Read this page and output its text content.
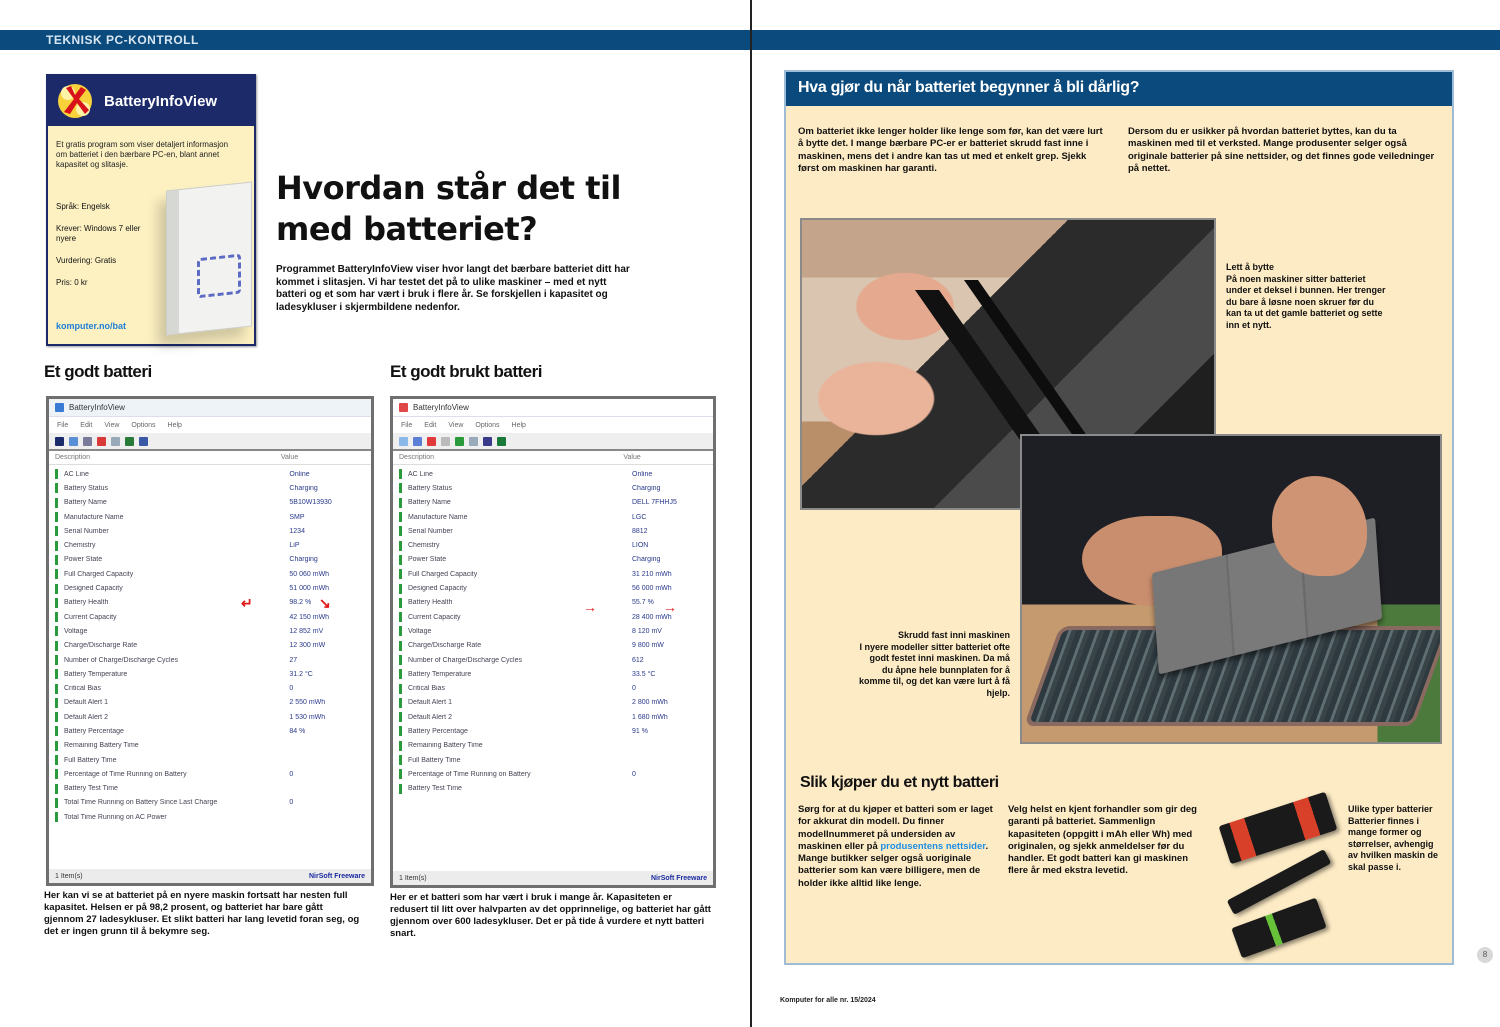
TEKNISK PC-KONTROLL
BatteryInfoView
Et gratis program som viser detaljert informasjon om batteriet i den bærbare PC-en, blant annet kapasitet og slitasje.
Språk: Engelsk
Krever: Windows 7 eller nyere
Vurdering: Gratis
Pris: 0 kr
komputer.no/bat
Hvordan står det til med batteriet?
Programmet BatteryInfoView viser hvor langt det bærbare batteriet ditt har kommet i slitasjen. Vi har testet det på to ulike maskiner – med et nytt batteri og et som har vært i bruk i flere år. Se forskjellen i kapasitet og ladesykluser i skjermbildene nedenfor.
Et godt batteri
BatteryInfoView
File Edit View Options Help
Description	Value
AC Line	Online
Battery Status	Charging
Battery Name	5B10W13930
Manufacture Name	SMP
Serial Number	1234
Chemistry	LiP
Power State	Charging
Full Charged Capacity	50 060 mWh
Designed Capacity	51 000 mWh
Battery Health	98.2 %
Current Capacity	42 150 mWh
Voltage	12 852 mV
Charge/Discharge Rate	12 300 mW
Number of Charge/Discharge Cycles	27
Battery Temperature	31.2 °C
Critical Bias	0
Default Alert 1	2 550 mWh
Default Alert 2	1 530 mWh
Battery Percentage	84 %
Remaining Battery Time
Full Battery Time
Percentage of Time Running on Battery	0
Battery Test Time
Total Time Running on Battery Since Last Charge	0
Total Time Running on AC Power
↵	↘
1 Item(s)	NirSoft Freeware
Her kan vi se at batteriet på en nyere maskin fortsatt har nesten full kapasitet. Helsen er på 98,2 prosent, og batteriet har bare gått gjennom 27 ladesykluser. Et slikt batteri har lang levetid foran seg, og det er ingen grunn til å bekymre seg.
Et godt brukt batteri
BatteryInfoView
File Edit View Options Help
Description	Value
AC Line	Online
Battery Status	Charging
Battery Name	DELL 7FHHJ5
Manufacture Name	LGC
Serial Number	8812
Chemistry	LION
Power State	Charging
Full Charged Capacity	31 210 mWh
Designed Capacity	56 000 mWh
Battery Health	55.7 %
Current Capacity	28 400 mWh
Voltage	8 120 mV
Charge/Discharge Rate	9 800 mW
Number of Charge/Discharge Cycles	612
Battery Temperature	33.5 °C
Critical Bias	0
Default Alert 1	2 800 mWh
Default Alert 2	1 680 mWh
Battery Percentage	91 %
Remaining Battery Time
Full Battery Time
Percentage of Time Running on Battery	0
Battery Test Time
→	→
1 Item(s)	NirSoft Freeware
Her er et batteri som har vært i bruk i mange år. Kapasiteten er redusert til litt over halvparten av det opprinnelige, og batteriet har gått gjennom over 600 ladesykluser. Det er på tide å vurdere et nytt batteri snart.
Hva gjør du når batteriet begynner å bli dårlig?
Om batteriet ikke lenger holder like lenge som før, kan det være lurt å bytte det. I mange bærbare PC-er er batteriet skrudd fast inne i maskinen, mens det i andre kan tas ut med et enkelt grep. Sjekk først om maskinen har garanti.
Dersom du er usikker på hvordan batteriet byttes, kan du ta maskinen med til et verksted. Mange produsenter selger også originale batterier på sine nettsider, og det finnes gode veiledninger på nettet.
Lett å bytte
På noen maskiner sitter batteriet under et deksel i bunnen. Her trenger du bare å løsne noen skruer før du kan ta ut det gamle batteriet og sette inn et nytt.
Skrudd fast inni maskinen
I nyere modeller sitter batteriet ofte godt festet inni maskinen. Da må du åpne hele bunnplaten for å komme til, og det kan være lurt å få hjelp.
Slik kjøper du et nytt batteri
Sørg for at du kjøper et batteri som er laget for akkurat din modell. Du finner modellnummeret på undersiden av maskinen eller på produsentens nettsider. Mange butikker selger også uoriginale batterier som kan være billigere, men de holder ikke alltid like lenge.
Velg helst en kjent forhandler som gir deg garanti på batteriet. Sammenlign kapasiteten (oppgitt i mAh eller Wh) med originalen, og sjekk anmeldelser før du handler. Et godt batteri kan gi maskinen flere år med ekstra levetid.
Ulike typer batterier
Batterier finnes i mange former og størrelser, avhengig av hvilken maskin de skal passe i.
8
Komputer for alle nr. 15/2024
